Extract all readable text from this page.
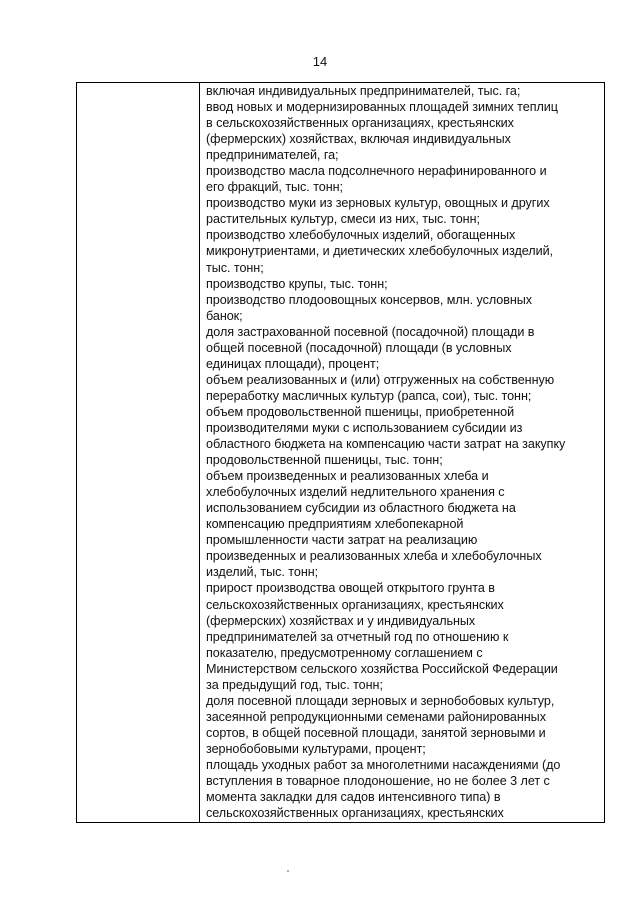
14
включая индивидуальных предпринимателей, тыс. га;
ввод новых и модернизированных площадей зимних теплиц
в сельскохозяйственных организациях, крестьянских
(фермерских) хозяйствах, включая индивидуальных
предпринимателей, га;
производство масла подсолнечного нерафинированного и
его фракций, тыс. тонн;
производство муки из зерновых культур, овощных и других
растительных культур, смеси из них, тыс. тонн;
производство хлебобулочных изделий, обогащенных
микронутриентами, и диетических хлебобулочных изделий,
тыс. тонн;
производство крупы, тыс. тонн;
производство плодоовощных консервов, млн. условных
банок;
доля застрахованной посевной (посадочной) площади в
общей посевной (посадочной) площади (в условных
единицах площади), процент;
объем реализованных и (или) отгруженных на собственную
переработку масличных культур (рапса, сои), тыс. тонн;
объем продовольственной пшеницы, приобретенной
производителями муки с использованием субсидии из
областного бюджета на компенсацию части затрат на закупку
продовольственной пшеницы, тыс. тонн;
объем произведенных и реализованных хлеба и
хлебобулочных изделий недлительного хранения с
использованием субсидии из областного бюджета на
компенсацию предприятиям хлебопекарной
промышленности части затрат на реализацию
произведенных и реализованных хлеба и хлебобулочных
изделий, тыс. тонн;
прирост производства овощей открытого грунта в
сельскохозяйственных организациях, крестьянских
(фермерских) хозяйствах и у индивидуальных
предпринимателей за отчетный год по отношению к
показателю, предусмотренному соглашением с
Министерством сельского хозяйства Российской Федерации
за предыдущий год, тыс. тонн;
доля посевной площади зерновых и зернобобовых культур,
засеянной репродукционными семенами районированных
сортов, в общей посевной площади, занятой зерновыми и
зернобобовыми культурами, процент;
площадь уходных работ за многолетними насаждениями (до
вступления в товарное плодоношение, но не более 3 лет с
момента закладки для садов интенсивного типа) в
сельскохозяйственных организациях, крестьянских
